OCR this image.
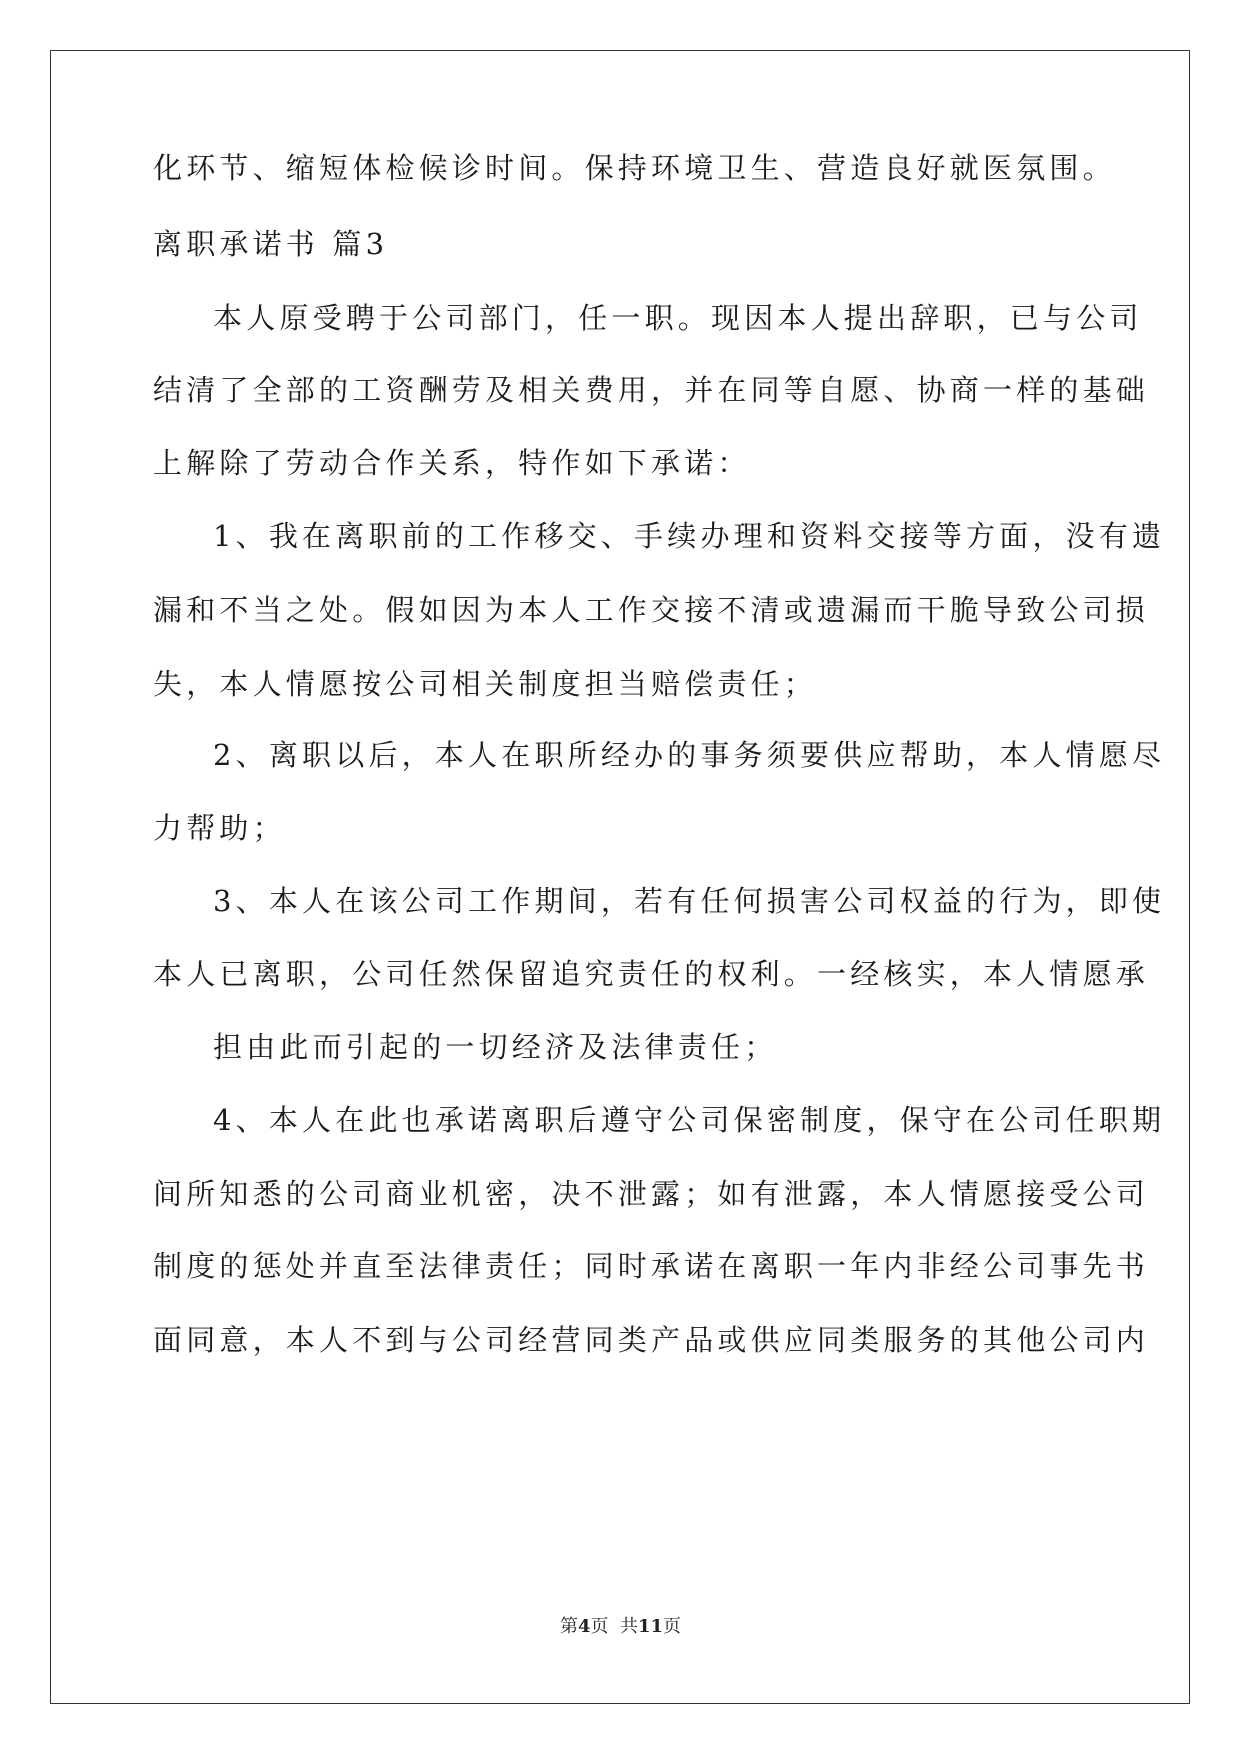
化环节、缩短体检候诊时间。保持环境卫生、营造良好就医氛围。
离职承诺书 篇3
本人原受聘于公司部门，任一职。现因本人提出辞职，已与公司
结清了全部的工资酬劳及相关费用，并在同等自愿、协商一样的基础
上解除了劳动合作关系，特作如下承诺：
1、我在离职前的工作移交、手续办理和资料交接等方面，没有遗
漏和不当之处。假如因为本人工作交接不清或遗漏而干脆导致公司损
失，本人情愿按公司相关制度担当赔偿责任；
2、离职以后，本人在职所经办的事务须要供应帮助，本人情愿尽
力帮助；
3、本人在该公司工作期间，若有任何损害公司权益的行为，即使
本人已离职，公司任然保留追究责任的权利。一经核实，本人情愿承
担由此而引起的一切经济及法律责任；
4、本人在此也承诺离职后遵守公司保密制度，保守在公司任职期
间所知悉的公司商业机密，决不泄露；如有泄露，本人情愿接受公司
制度的惩处并直至法律责任；同时承诺在离职一年内非经公司事先书
面同意，本人不到与公司经营同类产品或供应同类服务的其他公司内
第4页  共11页
